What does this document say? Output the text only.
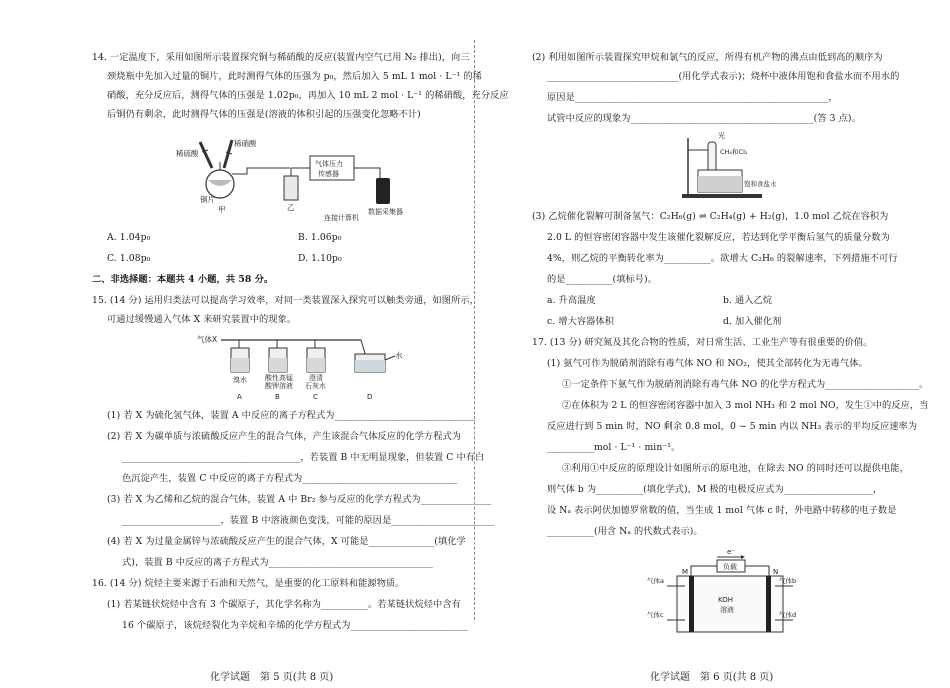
14. 一定温度下，采用如图所示装置探究铜与稀硝酸的反应(装置内空气已用 N₂ 排出)，向三
颈烧瓶中先加入过量的铜片，此时测得气体的压强为 p₀，然后加入 5 mL 1 mol · L⁻¹ 的稀
硝酸，充分反应后，测得气体的压强是 1.02p₀，再加入 10 mL 2 mol · L⁻¹ 的稀硝酸，充分反应
后铜仍有剩余，此时测得气体的压强是(溶液的体积引起的压强变化忽略不计)
稀硫酸
稀硝酸
铜片
甲	乙
气体压力
传感器
连接计算机
数据采集器
A. 1.04p₀	B. 1.06p₀
C. 1.08p₀	D. 1.10p₀
二、非选择题：本题共 4 小题，共 58 分。
15. (14 分) 运用归类法可以提高学习效率，对同一类装置深入探究可以触类旁通，如图所示，
可通过缓慢通入气体 X 来研究装置中的现象。
气体X
水
溴水	酸性高锰
酸钾溶液
澄清
石灰水
A	B	C	D
(1) 若 X 为硫化氢气体，装置 A 中反应的离子方程式为______________________________
(2) 若 X 为碳单质与浓硫酸反应产生的混合气体，产生该混合气体反应的化学方程式为
______________________________________，若装置 B 中无明显现象，但装置 C 中有白
色沉淀产生，装置 C 中反应的离子方程式为_________________________________
(3) 若 X 为乙烯和乙烷的混合气体，装置 A 中 Br₂ 参与反应的化学方程式为_______________
_____________________，装置 B 中溶液颜色变浅，可能的原因是______________________
(4) 若 X 为过量金属锌与浓硫酸反应产生的混合气体，X 可能是______________(填化学
式)，装置 B 中反应的离子方程式为___________________________________
16. (14 分) 烷烃主要来源于石油和天然气，是重要的化工原料和能源物质。
(1) 若某链状烷烃中含有 3 个碳原子，其化学名称为__________。若某链状烷烃中含有
16 个碳原子，该烷烃裂化为辛烷和辛烯的化学方程式为_________________________
化学试题　第 5 页(共 8 页)
(2) 利用如图所示装置探究甲烷和氯气的反应，所得有机产物的沸点由低到高的顺序为
____________________________(用化学式表示)；烧杯中液体用饱和食盐水而不用水的
原因是______________________________________________________，
试管中反应的现象为_______________________________________(答 3 点)。
光
CH₄和Cl₂
饱和食盐水
(3) 乙烷催化裂解可制备氢气：C₂H₆(g) ⇌ C₂H₄(g) + H₂(g)，1.0 mol 乙烷在容积为
2.0 L 的恒容密闭容器中发生该催化裂解反应，若达到化学平衡后氢气的质量分数为
4%，则乙烷的平衡转化率为__________。欲增大 C₂H₆ 的裂解速率，下列措施不可行
的是__________(填标号)。
a. 升高温度	b. 通入乙烷
c. 增大容器体积	d. 加入催化剂
17. (13 分) 研究氮及其化合物的性质，对日常生活、工业生产等有很重要的价值。
(1) 氨气可作为脱硝剂消除有毒气体 NO 和 NO₂，使其全部转化为无毒气体。
①一定条件下氨气作为脱硝剂消除有毒气体 NO 的化学方程式为____________________。
②在体积为 2 L 的恒容密闭容器中加入 3 mol NH₃ 和 2 mol NO，发生①中的反应，当
反应进行到 5 min 时，NO 剩余 0.8 mol，0 ~ 5 min 内以 NH₃ 表示的平均反应速率为
__________mol · L⁻¹ · min⁻¹。
③利用①中反应的原理设计如图所示的原电池，在除去 NO 的同时还可以提供电能，
则气体 b 为__________(填化学式)，M 极的电极反应式为___________________，
设 Nₐ 表示阿伏加德罗常数的值，当生成 1 mol 气体 c 时，外电路中转移的电子数是
__________(用含 Nₐ 的代数式表示)。
e⁻
负载
M	N
KOH
溶液
气体a
气体c
气体b
气体d
化学试题　第 6 页(共 8 页)
